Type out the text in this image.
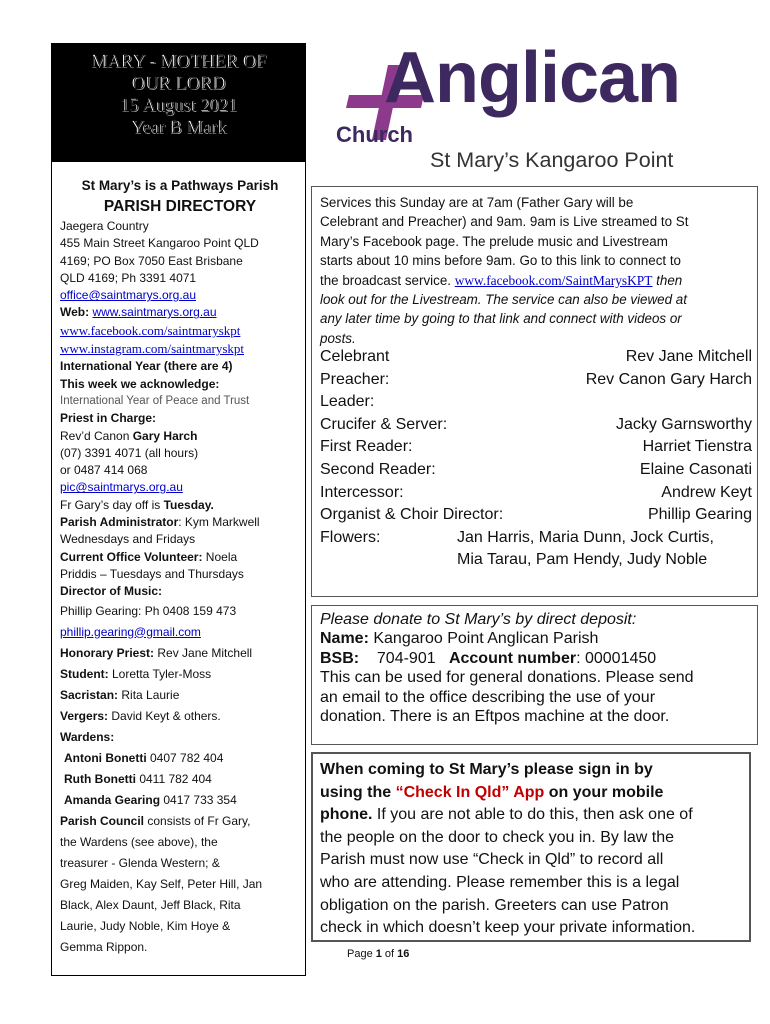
MARY - MOTHER OF
OUR LORD
15 August 2021
Year B Mark
St Mary’s is a Pathways Parish
PARISH DIRECTORY
Jaegera Country
455 Main Street Kangaroo Point QLD
4169; PO Box 7050 East Brisbane
QLD 4169; Ph 3391 4071
office@saintmarys.org.au
Web: www.saintmarys.org.au
www.facebook.com/saintmaryskpt
www.instagram.com/saintmaryskpt
International Year (there are 4)
This week we acknowledge:
International Year of Peace and Trust
Priest in Charge:
Rev’d Canon Gary Harch
(07) 3391 4071 (all hours)
or 0487 414 068
pic@saintmarys.org.au
Fr Gary’s day off is Tuesday.
Parish Administrator: Kym Markwell
Wednesdays and Fridays
Current Office Volunteer: Noela
Priddis – Tuesdays and Thursdays
Director of Music:
Phillip Gearing: Ph 0408 159 473
phillip.gearing@gmail.com
Honorary Priest: Rev Jane Mitchell
Student: Loretta Tyler-Moss
Sacristan: Rita Laurie
Vergers: David Keyt & others.
Wardens:
Antoni Bonetti 0407 782 404
Ruth Bonetti 0411 782 404
Amanda Gearing 0417 733 354
Parish Council consists of Fr Gary,
the Wardens (see above), the
treasurer - Glenda Western; &
Greg Maiden, Kay Self, Peter Hill, Jan
Black, Alex Daunt, Jeff Black, Rita
Laurie, Judy Noble, Kim Hoye &
Gemma Rippon.
Anglican
Church
St Mary’s Kangaroo Point
Services this Sunday are at 7am (Father Gary will be
Celebrant and Preacher) and 9am. 9am is Live streamed to St
Mary’s Facebook page. The prelude music and Livestream
starts about 10 mins before 9am. Go to this link to connect to
the broadcast service. www.facebook.com/SaintMarysKPT then
look out for the Livestream. The service can also be viewed at
any later time by going to that link and connect with videos or
posts.
Celebrant	Rev Jane Mitchell
Preacher:	Rev Canon Gary Harch
Leader:
Crucifer & Server:	Jacky Garnsworthy
First Reader:	Harriet Tienstra
Second Reader:	Elaine Casonati
Intercessor:	Andrew Keyt
Organist & Choir Director:	Phillip Gearing
Flowers:	Jan Harris, Maria Dunn, Jock Curtis,
Mia Tarau, Pam Hendy, Judy Noble
Please donate to St Mary’s by direct deposit:
Name: Kangaroo Point Anglican Parish
BSB: 704-901 Account number: 00001450
This can be used for general donations. Please send
an email to the office describing the use of your
donation. There is an Eftpos machine at the door.
When coming to St Mary’s please sign in by
using the “Check In Qld” App on your mobile
phone. If you are not able to do this, then ask one of
the people on the door to check you in. By law the
Parish must now use “Check in Qld” to record all
who are attending. Please remember this is a legal
obligation on the parish. Greeters can use Patron
check in which doesn’t keep your private information.
Page 1 of 16
